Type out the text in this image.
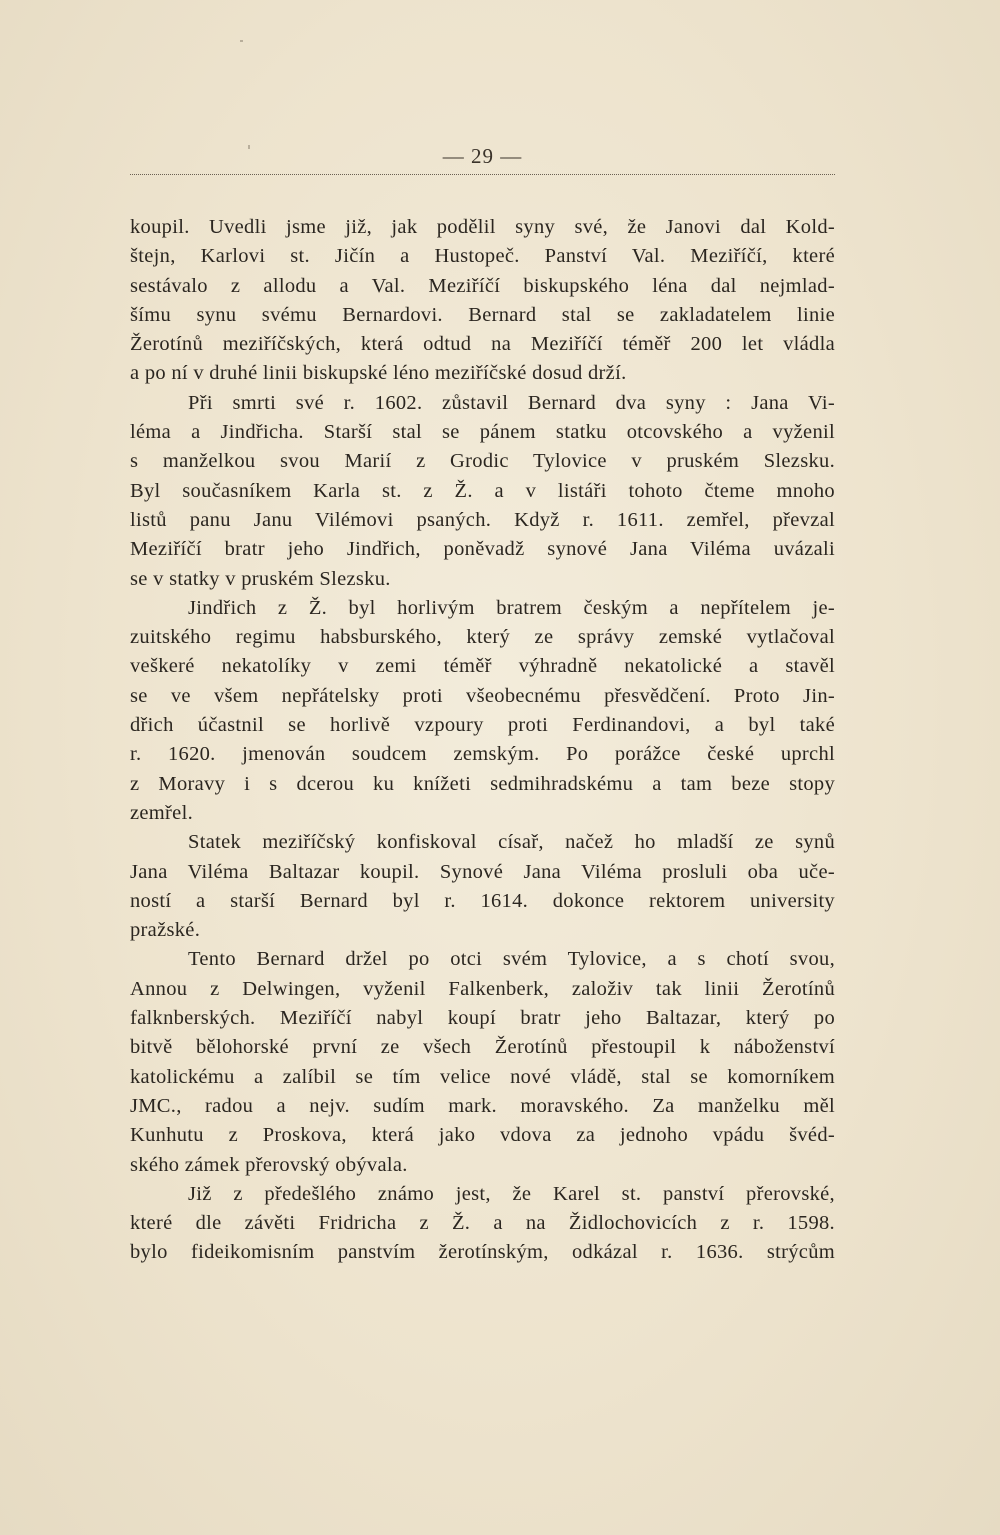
— 29 —
koupil. Uvedli jsme již, jak podělil syny své, že Janovi dal Kold-
štejn, Karlovi st. Jičín a Hustopeč. Panství Val. Meziříčí, které
sestávalo z allodu a Val. Meziříčí biskupského léna dal nejmlad-
šímu synu svému Bernardovi. Bernard stal se zakladatelem linie
Žerotínů meziříčských, která odtud na Meziříčí téměř 200 let vládla
a po ní v druhé linii biskupské léno meziříčské dosud drží.
Při smrti své r. 1602. zůstavil Bernard dva syny : Jana Vi-
léma a Jindřicha. Starší stal se pánem statku otcovského a vyženil
s manželkou svou Marií z Grodic Tylovice v pruském Slezsku.
Byl současníkem Karla st. z Ž. a v listáři tohoto čteme mnoho
listů panu Janu Vilémovi psaných. Když r. 1611. zemřel, převzal
Meziříčí bratr jeho Jindřich, poněvadž synové Jana Viléma uvázali
se v statky v pruském Slezsku.
Jindřich z Ž. byl horlivým bratrem českým a nepřítelem je-
zuitského regimu habsburského, který ze správy zemské vytlačoval
veškeré nekatolíky v zemi téměř výhradně nekatolické a stavěl
se ve všem nepřátelsky proti všeobecnému přesvědčení. Proto Jin-
dřich účastnil se horlivě vzpoury proti Ferdinandovi, a byl také
r. 1620. jmenován soudcem zemským. Po porážce české uprchl
z Moravy i s dcerou ku knížeti sedmihradskému a tam beze stopy
zemřel.
Statek meziříčský konfiskoval císař, načež ho mladší ze synů
Jana Viléma Baltazar koupil. Synové Jana Viléma prosluli oba uče-
ností a starší Bernard byl r. 1614. dokonce rektorem university
pražské.
Tento Bernard držel po otci svém Tylovice, a s chotí svou,
Annou z Delwingen, vyženil Falkenberk, založiv tak linii Žerotínů
falknberských. Meziříčí nabyl koupí bratr jeho Baltazar, který po
bitvě bělohorské první ze všech Žerotínů přestoupil k náboženství
katolickému a zalíbil se tím velice nové vládě, stal se komorníkem
JMC., radou a nejv. sudím mark. moravského. Za manželku měl
Kunhutu z Proskova, která jako vdova za jednoho vpádu švéd-
ského zámek přerovský obývala.
Již z předešlého známo jest, že Karel st. panství přerovské,
které dle závěti Fridricha z Ž. a na Židlochovicích z r. 1598.
bylo fideikomisním panstvím žerotínským, odkázal r. 1636. strýcům
